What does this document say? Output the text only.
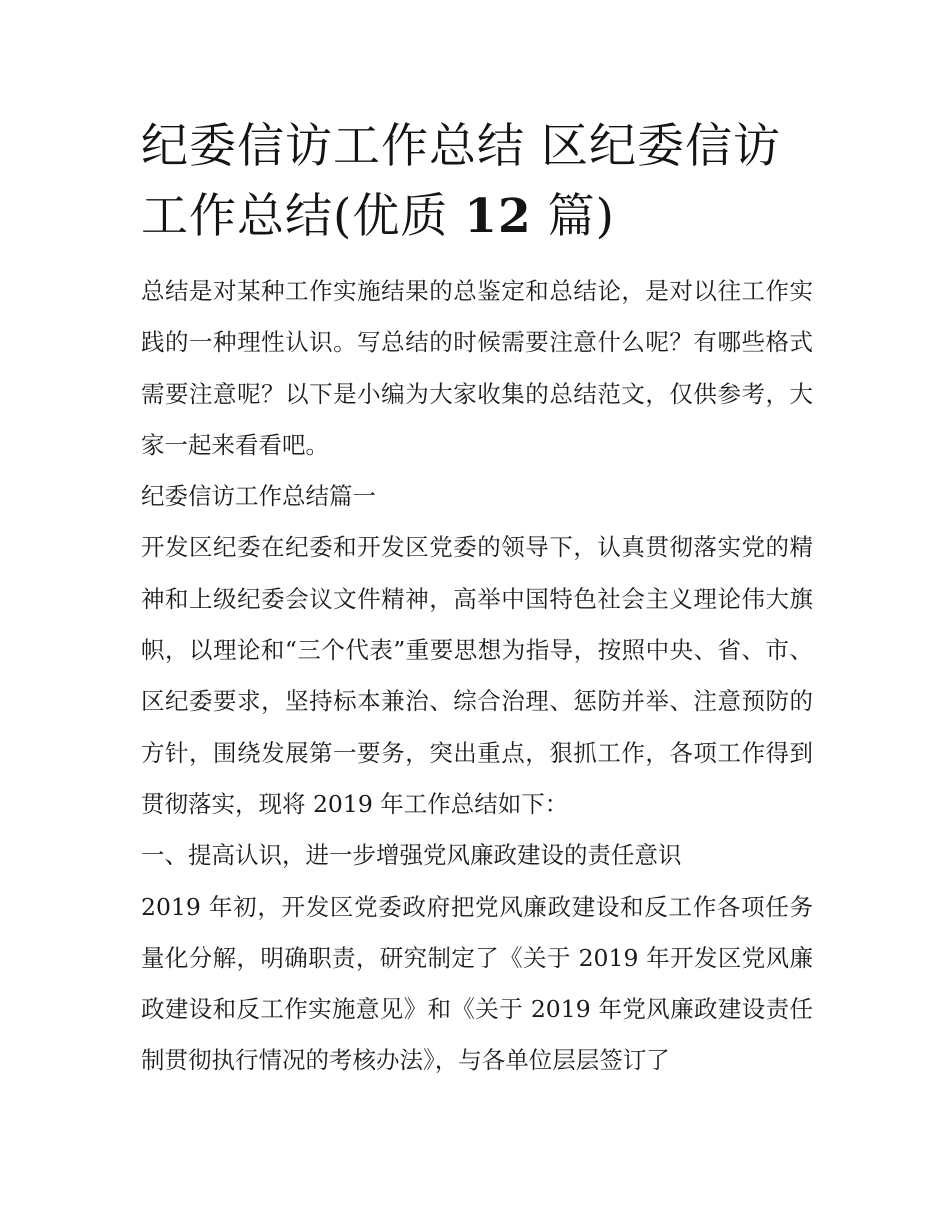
纪委信访工作总结 区纪委信访工作总结(优质 12 篇)

总结是对某种工作实施结果的总鉴定和总结论，是对以往工作实践的一种理性认识。写总结的时候需要注意什么呢？有哪些格式需要注意呢？以下是小编为大家收集的总结范文，仅供参考，大家一起来看看吧。

纪委信访工作总结篇一

开发区纪委在纪委和开发区党委的领导下，认真贯彻落实党的精神和上级纪委会议文件精神，高举中国特色社会主义理论伟大旗帜，以理论和“三个代表”重要思想为指导，按照中央、省、市、区纪委要求，坚持标本兼治、综合治理、惩防并举、注意预防的方针，围绕发展第一要务，突出重点，狠抓工作，各项工作得到贯彻落实，现将 2019 年工作总结如下：

一、提高认识，进一步增强党风廉政建设的责任意识

2019 年初，开发区党委政府把党风廉政建设和反工作各项任务量化分解，明确职责，研究制定了《关于 2019 年开发区党风廉政建设和反工作实施意见》和《关于 2019 年党风廉政建设责任制贯彻执行情况的考核办法》，与各单位层层签订了
